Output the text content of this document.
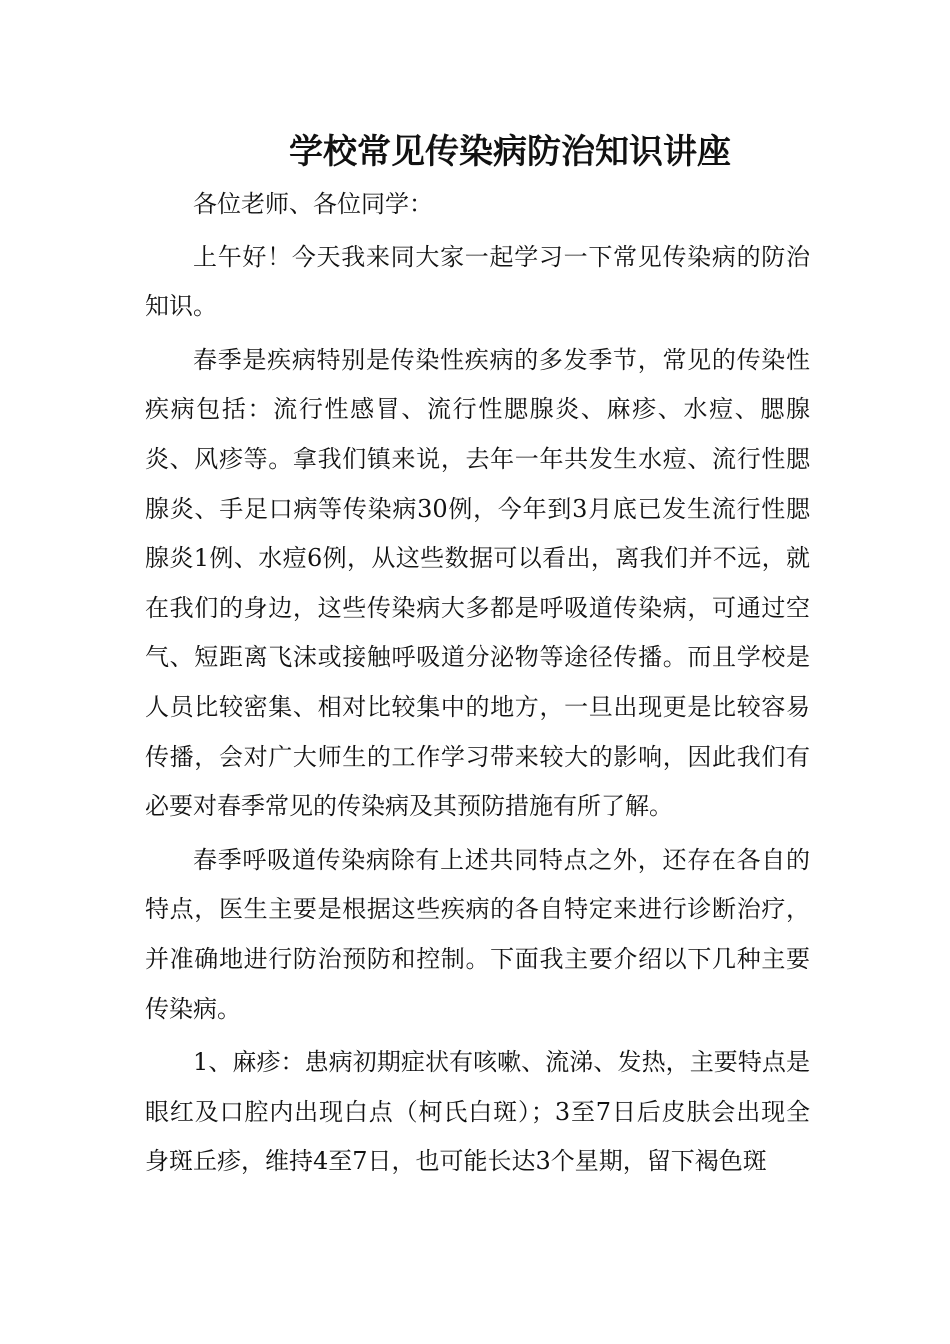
学校常见传染病防治知识讲座

各位老师、各位同学：

上午好！今天我来同大家一起学习一下常见传染病的防治知识。

春季是疾病特别是传染性疾病的多发季节，常见的传染性疾病包括：流行性感冒、流行性腮腺炎、麻疹、水痘、腮腺炎、风疹等。拿我们镇来说，去年一年共发生水痘、流行性腮腺炎、手足口病等传染病30例，今年到3月底已发生流行性腮腺炎1例、水痘6例，从这些数据可以看出，离我们并不远，就在我们的身边，这些传染病大多都是呼吸道传染病，可通过空气、短距离飞沫或接触呼吸道分泌物等途径传播。而且学校是人员比较密集、相对比较集中的地方，一旦出现更是比较容易传播，会对广大师生的工作学习带来较大的影响，因此我们有必要对春季常见的传染病及其预防措施有所了解。

春季呼吸道传染病除有上述共同特点之外，还存在各自的特点，医生主要是根据这些疾病的各自特定来进行诊断治疗，并准确地进行防治预防和控制。下面我主要介绍以下几种主要传染病。

1、麻疹：患病初期症状有咳嗽、流涕、发热，主要特点是眼红及口腔内出现白点（柯氏白斑）；3至7日后皮肤会出现全身斑丘疹，维持4至7日，也可能长达3个星期，留下褐色斑
